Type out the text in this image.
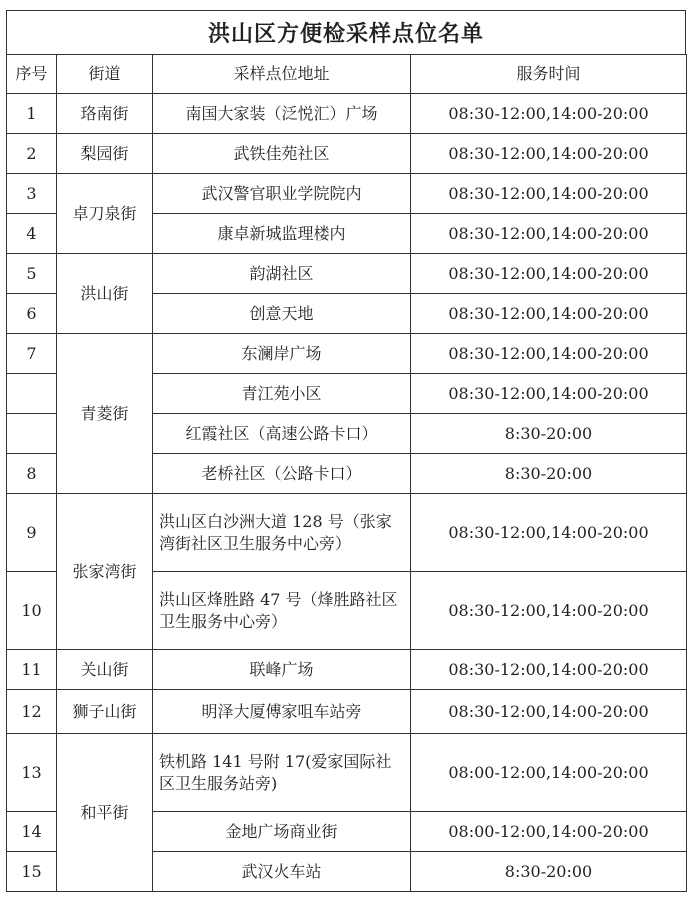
洪山区方便检采样点位名单
序号	街道	采样点位地址	服务时间
1	珞南街	南国大家装（泛悦汇）广场	08:30-12:00,14:00-20:00
2	梨园街	武铁佳苑社区	08:30-12:00,14:00-20:00
3	卓刀泉街	武汉警官职业学院院内	08:30-12:00,14:00-20:00
4		康卓新城监理楼内	08:30-12:00,14:00-20:00
5	洪山街	韵湖社区	08:30-12:00,14:00-20:00
6		创意天地	08:30-12:00,14:00-20:00
7	青菱街	东澜岸广场	08:30-12:00,14:00-20:00
		青江苑小区	08:30-12:00,14:00-20:00
		红霞社区（高速公路卡口）	8:30-20:00
8		老桥社区（公路卡口）	8:30-20:00
9	张家湾街	洪山区白沙洲大道 128 号（张家湾街社区卫生服务中心旁）	08:30-12:00,14:00-20:00
10		洪山区烽胜路 47 号（烽胜路社区卫生服务中心旁）	08:30-12:00,14:00-20:00
11	关山街	联峰广场	08:30-12:00,14:00-20:00
12	狮子山街	明泽大厦傅家咀车站旁	08:30-12:00,14:00-20:00
13	和平街	铁机路 141 号附 17(爱家国际社区卫生服务站旁)	08:00-12:00,14:00-20:00
14		金地广场商业街	08:00-12:00,14:00-20:00
15		武汉火车站	8:30-20:00
